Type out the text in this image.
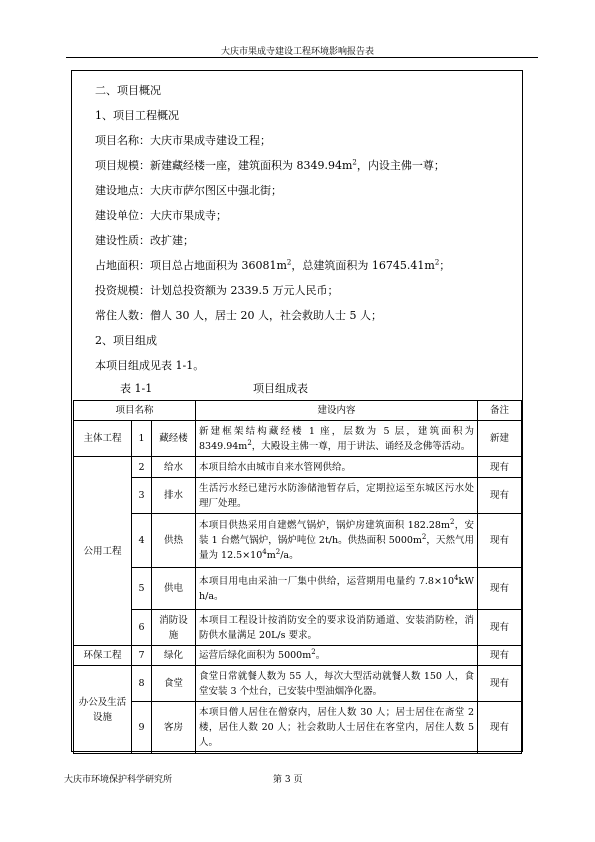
大庆市果成寺建设工程环境影响报告表
二、项目概况
1、项目工程概况
项目名称：大庆市果成寺建设工程；
项目规模：新建藏经楼一座，建筑面积为 $8349.94m^2$，内设主佛一尊；
建设地点：大庆市萨尔图区中强北街；
建设单位：大庆市果成寺；
建设性质：改扩建；
占地面积：项目总占地面积为 $36081m^2$，总建筑面积为 $16745.41m^2$；
投资规模：计划总投资额为 2339.5 万元人民币；
常住人数：僧人 30 人，居士 20 人，社会救助人士 5 人；
2、项目组成
本项目组成见表 1-1。
表 1-1	项目组成表
项目名称			建设内容	备注
主体工程	1	藏经楼	新建框架结构藏经楼 1 座，层数为 5 层，建筑面积为 $8349.94m^2$，大殿设主佛一尊，用于讲法、诵经及念佛等活动。	新建
公用工程	2	给水	本项目给水由城市自来水管网供给。	现有
	3	排水	生活污水经已建污水防渗储池暂存后，定期拉运至东城区污水处理厂处理。	现有
	4	供热	本项目供热采用自建燃气锅炉，锅炉房建筑面积 $182.28m^2$，安装 1 台燃气锅炉，锅炉吨位 2t/h。供热面积 $5000m^2$，天然气用量为 $12.5\times 10^4m^2/a$。	现有
	5	供电	本项目用电由采油一厂集中供给，运营期用电量约 $7.8\times 10^4kW$ h/a。	现有
	6	消防设施	本项目工程设计按消防安全的要求设消防通道、安装消防栓，消防供水量满足 20L/s 要求。	现有
环保工程	7	绿化	运营后绿化面积为 $5000m^2$。	现有
办公及生活设施	8	食堂	食堂日常就餐人数为 55 人，每次大型活动就餐人数 150 人，食堂安装 3 个灶台，已安装中型油烟净化器。	现有
	9	客房	本项目僧人居住在僧寮内，居住人数 30 人；居士居住在斋堂 2 楼，居住人数 20 人；社会救助人士居住在客堂内，居住人数 5 人。	现有
大庆市环境保护科学研究所	第 3 页
